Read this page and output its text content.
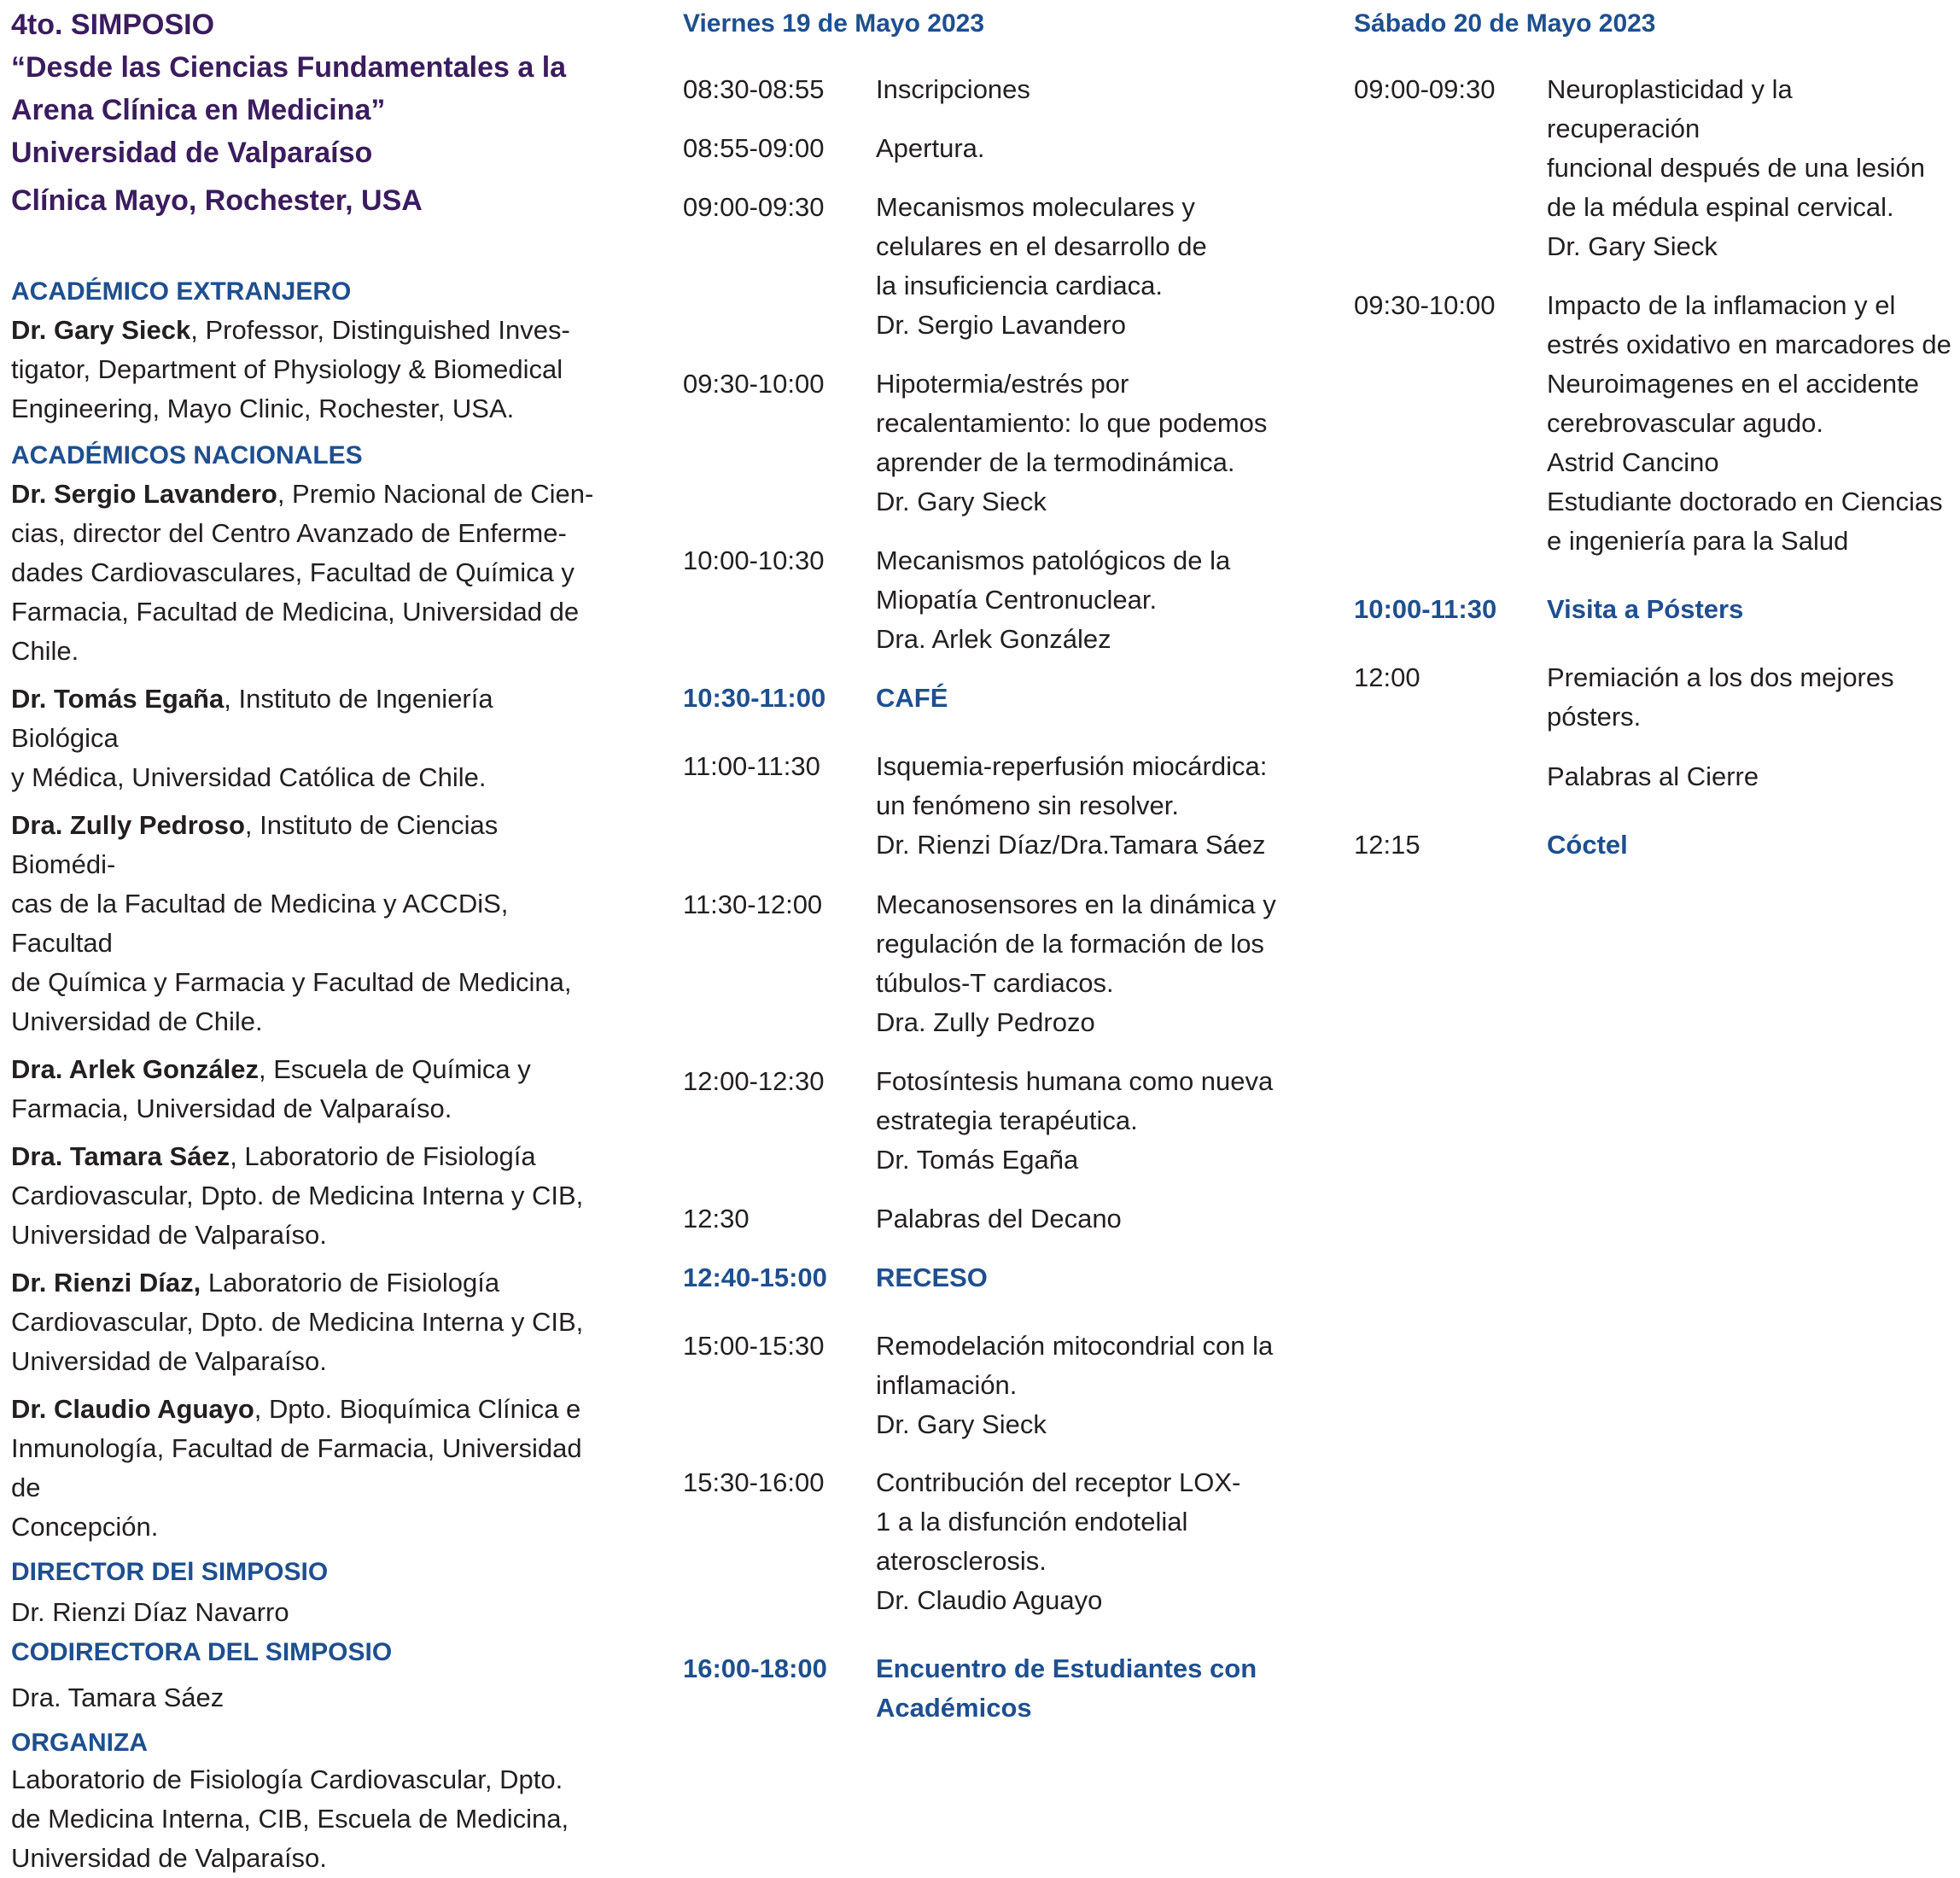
4to. SIMPOSIO
“Desde las Ciencias Fundamentales a la
Arena Clínica en Medicina”
Universidad de Valparaíso
Clínica Mayo, Rochester, USA
ACADÉMICO EXTRANJERO
Dr. Gary Sieck, Professor, Distinguished Inves-
tigator, Department of Physiology & Biomedical
Engineering, Mayo Clinic, Rochester, USA.
ACADÉMICOS NACIONALES
Dr. Sergio Lavandero, Premio Nacional de Cien-
cias, director del Centro Avanzado de Enferme-
dades Cardiovasculares, Facultad de Química y
Farmacia, Facultad de Medicina, Universidad de
Chile.
Dr. Tomás Egaña, Instituto de Ingeniería Biológica
y Médica, Universidad Católica de Chile.
Dra. Zully Pedroso, Instituto de Ciencias Biomédi-
cas de la Facultad de Medicina y ACCDiS, Facultad
de Química y Farmacia y Facultad de Medicina,
Universidad de Chile.
Dra. Arlek González, Escuela de Química y
Farmacia, Universidad de Valparaíso.
Dra. Tamara Sáez, Laboratorio de Fisiología
Cardiovascular, Dpto. de Medicina Interna y CIB,
Universidad de Valparaíso.
Dr. Rienzi Díaz, Laboratorio de Fisiología
Cardiovascular, Dpto. de Medicina Interna y CIB,
Universidad de Valparaíso.
Dr. Claudio Aguayo, Dpto. Bioquímica Clínica e
Inmunología, Facultad de Farmacia, Universidad de
Concepción.
DIRECTOR DEl SIMPOSIO
Dr. Rienzi Díaz Navarro
CODIRECTORA DEL SIMPOSIO
Dra. Tamara Sáez
ORGANIZA
Laboratorio de Fisiología Cardiovascular, Dpto.
de Medicina Interna, CIB, Escuela de Medicina,
Universidad de Valparaíso.
Viernes 19 de Mayo 2023
08:30-08:55	Inscripciones
08:55-09:00	Apertura.
09:00-09:30	Mecanismos moleculares y
celulares en el desarrollo de
la insuficiencia cardiaca.
Dr. Sergio Lavandero
09:30-10:00	Hipotermia/estrés por
recalentamiento: lo que podemos
aprender de la termodinámica.
Dr. Gary Sieck
10:00-10:30	Mecanismos patológicos de la
Miopatía Centronuclear.
Dra. Arlek González
10:30-11:00	CAFÉ
11:00-11:30	Isquemia-reperfusión miocárdica:
un fenómeno sin resolver.
Dr. Rienzi Díaz/Dra.Tamara Sáez
11:30-12:00	Mecanosensores en la dinámica y
regulación de la formación de los
túbulos-T cardiacos.
Dra. Zully Pedrozo
12:00-12:30	Fotosíntesis humana como nueva
estrategia terapéutica.
Dr. Tomás Egaña
12:30	Palabras del Decano
12:40-15:00	RECESO
15:00-15:30	Remodelación mitocondrial con la
inflamación.
Dr. Gary Sieck
15:30-16:00	Contribución del receptor LOX-
1 a la disfunción endotelial
aterosclerosis.
Dr. Claudio Aguayo
16:00-18:00	Encuentro de Estudiantes con
Académicos
Sábado 20 de Mayo 2023
09:00-09:30	Neuroplasticidad y la
recuperación
funcional después de una lesión
de la médula espinal cervical.
Dr. Gary Sieck
09:30-10:00	Impacto de la inflamacion y el
estrés oxidativo en marcadores de
Neuroimagenes en el accidente
cerebrovascular agudo.
Astrid Cancino
Estudiante doctorado en Ciencias
e ingeniería para la Salud
10:00-11:30	Visita a Pósters
12:00	Premiación a los dos mejores
pósters.
Palabras al Cierre
12:15	Cóctel
